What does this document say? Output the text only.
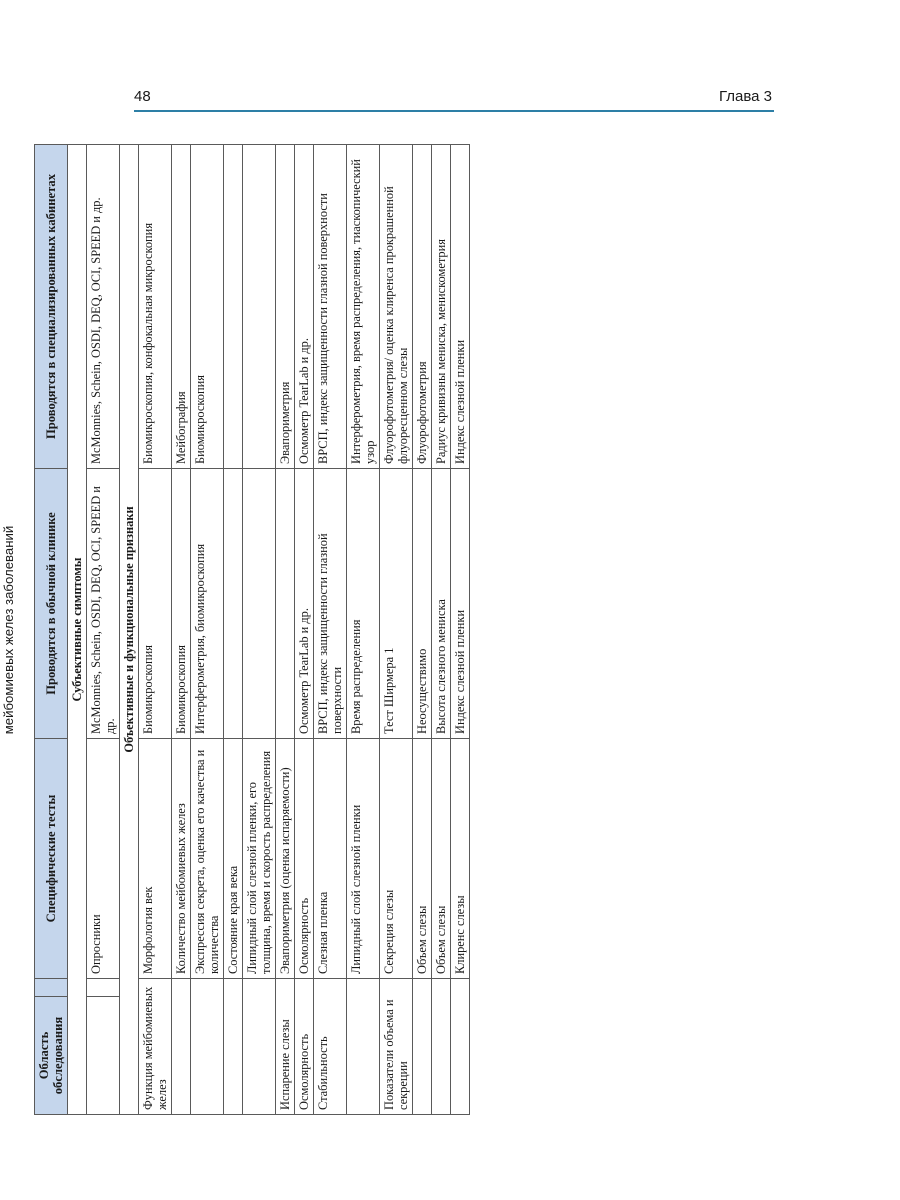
48	Глава 3
мейбомиевых желез заболеваний
Область обследования		Специфические тесты	Проводятся в обычной клинике	Проводятся в специализированных кабинетах
Субъективные симптомы				
		Опросники	McMonnies, Schein, OSDI, DEQ, OCI, SPEED и др.	McMonnies, Schein, OSDI, DEQ, OCI, SPEED и др.
Объективные и функциональные признаки				
Функция мейбомиевых желез		Морфология век	Биомикроскопия	Биомикроскопия, конфокальная микроскопия
		Количество мейбомиевых желез	Биомикроскопия	Мейбография
		Экспрессия секрета, оценка его качества и количества	Интерферометрия, биомикроскопия	Биомикроскопия
		Состояние края века		
		Липидный слой слезной пленки, его толщина, время и скорость распределения		
Испарение слезы		Эвапориметрия (оценка испаряемости)		Эвапориметрия
Осмолярность		Осмолярность	Осмометр TearLab и др.	Осмометр TearLab и др.
Стабильность		Слезная пленка	ВРСП, индекс защищенности глазной поверхности	ВРСП, индекс защищенности глазной поверхности
		Липидный слой слезной пленки	Время распределения	Интерферометрия, время распределения, тиаскопический узор
Показатели объема и секреции		Секреция слезы	Тест Ширмера 1	Флуорофотометрия/ оценка клиренса прокрашенной флуоресценном слезы
		Объем слезы	Неосуществимо	Флуорофотометрия
		Объем слезы	Высота слезного мениска	Радиус кривизны мениска, менискометрия
		Клиренс слезы	Индекс слезной пленки	Индекс слезной пленки
